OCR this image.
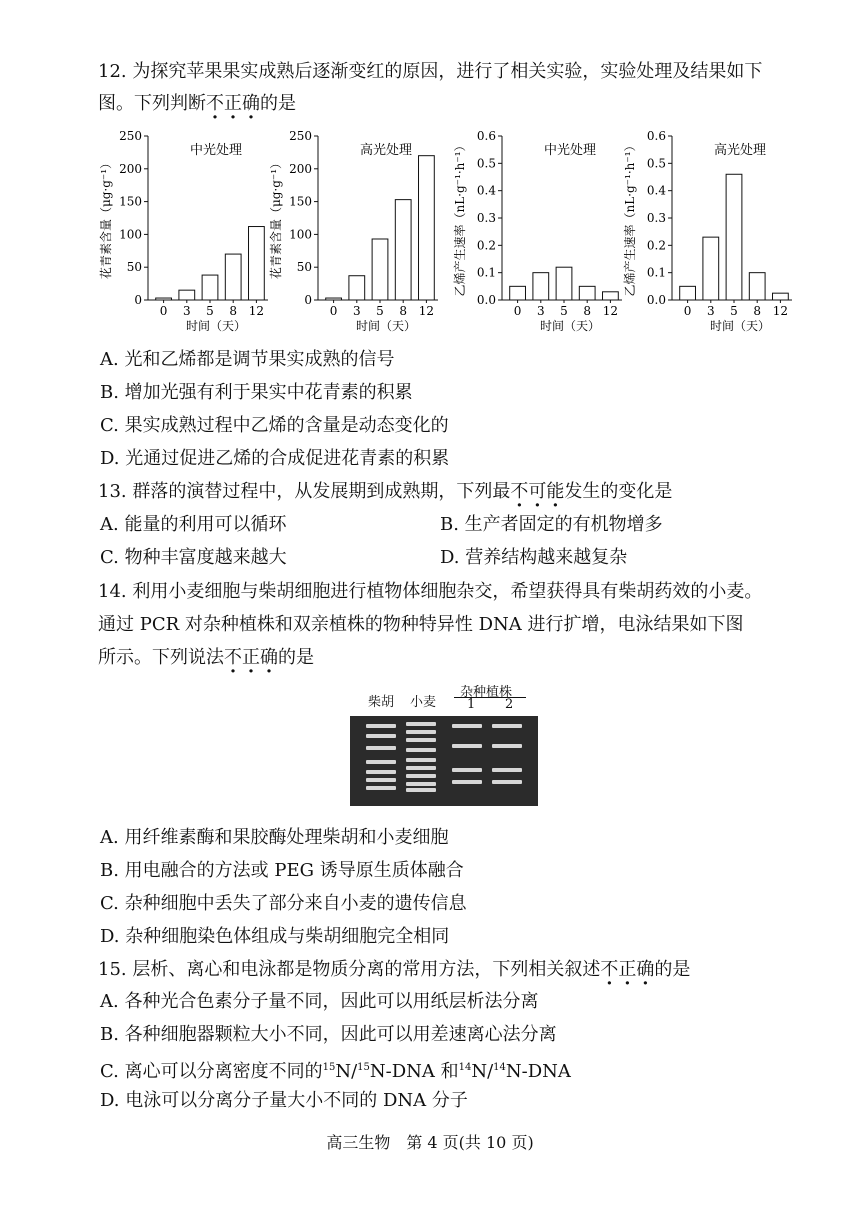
12. 为探究苹果果实成熟后逐渐变红的原因，进行了相关实验，实验处理及结果如下
图。下列判断不正确的是
花青素含量（μg·g⁻¹）
0
50
100
150
200
250
中光处理
0 3 5 8 12
时间（天）
花青素含量（μg·g⁻¹）
0
50
100
150
200
250
高光处理
0 3 5 8 12
时间（天）
乙烯产生速率（nL·g⁻¹·h⁻¹）
0.0
0.1
0.2
0.3
0.4
0.5
0.6
中光处理
0 3 5 8 12
时间（天）
乙烯产生速率（nL·g⁻¹·h⁻¹）
0.0
0.1
0.2
0.3
0.4
0.5
0.6
高光处理
0 3 5 8 12
时间（天）
A. 光和乙烯都是调节果实成熟的信号
B. 增加光强有利于果实中花青素的积累
C. 果实成熟过程中乙烯的含量是动态变化的
D. 光通过促进乙烯的合成促进花青素的积累
13. 群落的演替过程中，从发展期到成熟期，下列最不可能发生的变化是
A. 能量的利用可以循环	B. 生产者固定的有机物增多
C. 物种丰富度越来越大	D. 营养结构越来越复杂
14. 利用小麦细胞与柴胡细胞进行植物体细胞杂交，希望获得具有柴胡药效的小麦。
通过 PCR 对杂种植株和双亲植株的物种特异性 DNA 进行扩增，电泳结果如下图
所示。下列说法不正确的是
柴胡 小麦
杂种植株
1 2
A. 用纤维素酶和果胶酶处理柴胡和小麦细胞
B. 用电融合的方法或 PEG 诱导原生质体融合
C. 杂种细胞中丢失了部分来自小麦的遗传信息
D. 杂种细胞染色体组成与柴胡细胞完全相同
15. 层析、离心和电泳都是物质分离的常用方法，下列相关叙述不正确的是
A. 各种光合色素分子量不同，因此可以用纸层析法分离
B. 各种细胞器颗粒大小不同，因此可以用差速离心法分离
C. 离心可以分离密度不同的$^{15}$N/$^{15}$N-DNA 和$^{14}$N/$^{14}$N-DNA
D. 电泳可以分离分子量大小不同的 DNA 分子
高三生物　第 4 页(共 10 页)
